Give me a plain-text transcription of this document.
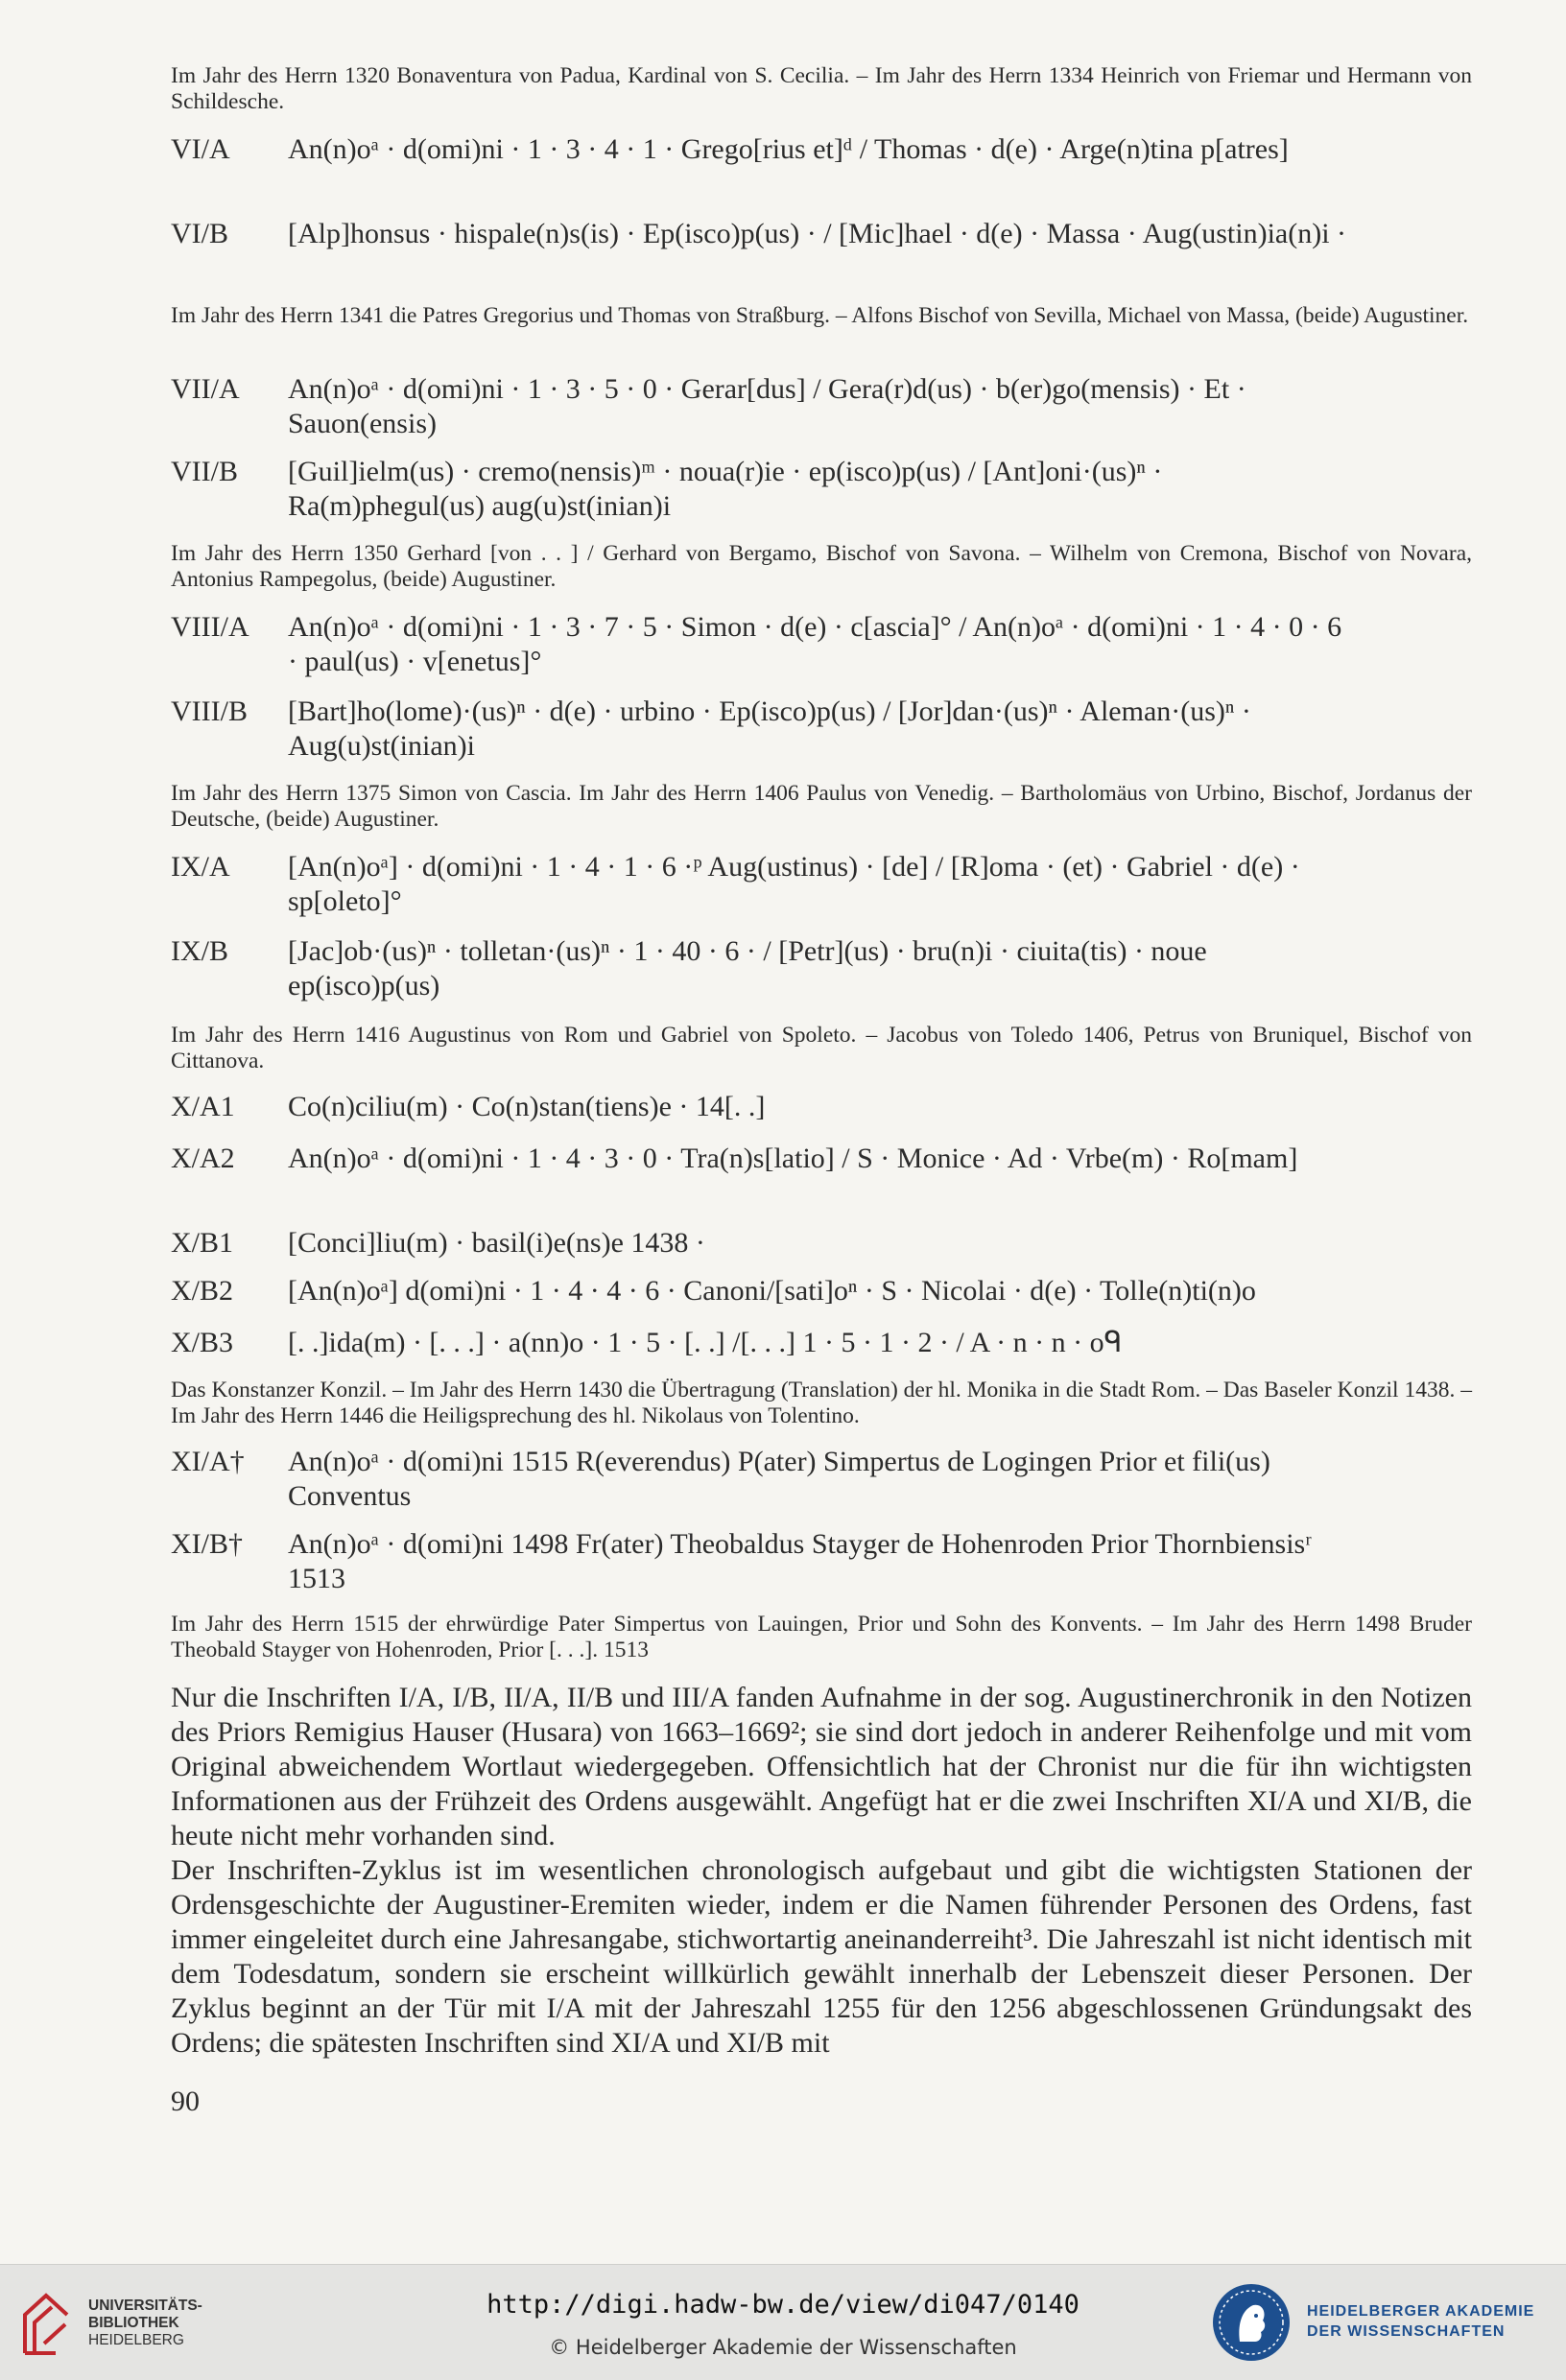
Im Jahr des Herrn 1320 Bonaventura von Padua, Kardinal von S. Cecilia. – Im Jahr des Herrn 1334 Heinrich von Friemar und Hermann von Schildesche.
VI/A	An(n)oᵃ · d(omi)ni · 1 · 3 · 4 · 1 · Grego[rius et]ᵈ / Thomas · d(e) · Arge(n)tina p[atres]
VI/B	[Alp]honsus · hispale(n)s(is) · Ep(isco)p(us) · / [Mic]hael · d(e) · Massa · Aug(ustin)ia(n)i ·
Im Jahr des Herrn 1341 die Patres Gregorius und Thomas von Straßburg. – Alfons Bischof von Sevilla, Michael von Massa, (beide) Augustiner.
VII/A	An(n)oᵃ · d(omi)ni · 1 · 3 · 5 · 0 · Gerar[dus] / Gera(r)d(us) · b(er)go(mensis) · Et · Sauon(ensis)
VII/B	[Guil]ielm(us) · cremo(nensis)ᵐ · noua(r)ie · ep(isco)p(us) / [Ant]oni·(us)ⁿ · Ra(m)phegul(us) aug(u)st(inian)i
Im Jahr des Herrn 1350 Gerhard [von . . ] / Gerhard von Bergamo, Bischof von Savona. – Wilhelm von Cremona, Bischof von Novara, Antonius Rampegolus, (beide) Augustiner.
VIII/A	An(n)oᵃ · d(omi)ni · 1 · 3 · 7 · 5 · Simon · d(e) · c[ascia]° / An(n)oᵃ · d(omi)ni · 1 · 4 · 0 · 6 · paul(us) · v[enetus]°
VIII/B	[Bart]ho(lome)·(us)ⁿ · d(e) · urbino · Ep(isco)p(us) / [Jor]dan·(us)ⁿ · Aleman·(us)ⁿ · Aug(u)st(inian)i
Im Jahr des Herrn 1375 Simon von Cascia. Im Jahr des Herrn 1406 Paulus von Venedig. – Bartholomäus von Urbino, Bischof, Jordanus der Deutsche, (beide) Augustiner.
IX/A	[An(n)oᵃ] · d(omi)ni · 1 · 4 · 1 · 6 ·ᵖ Aug(ustinus) · [de] / [R]oma · (et) · Gabriel · d(e) · sp[oleto]°
IX/B	[Jac]ob·(us)ⁿ · tolletan·(us)ⁿ · 1 · 40 · 6 · / [Petr](us) · bru(n)i · ciuita(tis) · noue ep(isco)p(us)
Im Jahr des Herrn 1416 Augustinus von Rom und Gabriel von Spoleto. – Jacobus von Toledo 1406, Petrus von Bruniquel, Bischof von Cittanova.
X/A1	Co(n)ciliu(m) · Co(n)stan(tiens)e · 14[. .]
X/A2	An(n)oᵃ · d(omi)ni · 1 · 4 · 3 · 0 · Tra(n)s[latio] / S · Monice · Ad · Vrbe(m) · Ro[mam]
X/B1	[Conci]liu(m) · basil(i)e(ns)e 1438 ·
X/B2	[An(n)oᵃ] d(omi)ni · 1 · 4 · 4 · 6 · Canoni/[sati]oⁿ · S · Nicolai · d(e) · Tolle(n)ti(n)o
X/B3	[. .]ida(m) · [. . .] · a(nn)o · 1 · 5 · [. .] /[. . .] 1 · 5 · 1 · 2 · / A · n · n · oᑫ
Das Konstanzer Konzil. – Im Jahr des Herrn 1430 die Übertragung (Translation) der hl. Monika in die Stadt Rom. – Das Baseler Konzil 1438. – Im Jahr des Herrn 1446 die Heiligsprechung des hl. Nikolaus von Tolentino.
XI/A†	An(n)oᵃ · d(omi)ni 1515 R(everendus) P(ater) Simpertus de Logingen Prior et fili(us) Conventus
XI/B†	An(n)oᵃ · d(omi)ni 1498 Fr(ater) Theobaldus Stayger de Hohenroden Prior Thornbiensisʳ 1513
Im Jahr des Herrn 1515 der ehrwürdige Pater Simpertus von Lauingen, Prior und Sohn des Konvents. – Im Jahr des Herrn 1498 Bruder Theobald Stayger von Hohenroden, Prior [. . .]. 1513

Nur die Inschriften I/A, I/B, II/A, II/B und III/A fanden Aufnahme in der sog. Augustinerchronik in den Notizen des Priors Remigius Hauser (Husara) von 1663–1669²; sie sind dort jedoch in anderer Reihenfolge und mit vom Original abweichendem Wortlaut wiedergegeben. Offensichtlich hat der Chronist nur die für ihn wichtigsten Informationen aus der Frühzeit des Ordens ausgewählt. Angefügt hat er die zwei Inschriften XI/A und XI/B, die heute nicht mehr vorhanden sind.

Der Inschriften-Zyklus ist im wesentlichen chronologisch aufgebaut und gibt die wichtigsten Stationen der Ordensgeschichte der Augustiner-Eremiten wieder, indem er die Namen führender Personen des Ordens, fast immer eingeleitet durch eine Jahresangabe, stichwortartig aneinanderreiht³. Die Jahreszahl ist nicht identisch mit dem Todesdatum, sondern sie erscheint willkürlich gewählt innerhalb der Lebenszeit dieser Personen. Der Zyklus beginnt an der Tür mit I/A mit der Jahreszahl 1255 für den 1256 abgeschlossenen Gründungsakt des Ordens; die spätesten Inschriften sind XI/A und XI/B mit

90
UNIVERSITÄTS-
BIBLIOTHEK
HEIDELBERG
http://digi.hadw-bw.de/view/di047/0140
© Heidelberger Akademie der Wissenschaften
HEIDELBERGER AKADEMIE
DER WISSENSCHAFTEN
